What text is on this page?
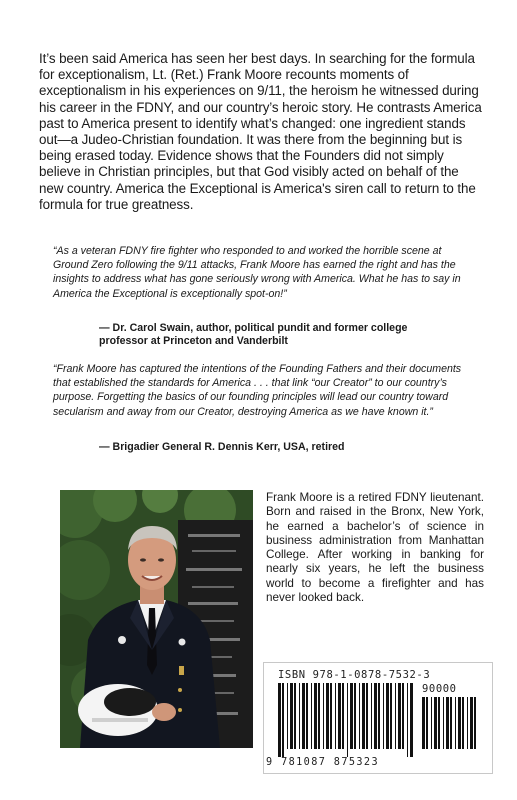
It’s been said America has seen her best days. In searching for the formula for exceptionalism, Lt. (Ret.) Frank Moore recounts moments of exceptionalism in his experiences on 9/11, the heroism he witnessed during his career in the FDNY, and our country’s heroic story. He contrasts America past to America present to identify what’s changed: one ingredient stands out—a Judeo-Christian foundation. It was there from the beginning but is being erased today. Evidence shows that the Founders did not simply believe in Christian principles, but that God visibly acted on behalf of the new country. America the Exceptional is America's siren call to return to the formula for true greatness.

“As a veteran FDNY fire fighter who responded to and worked the horrible scene at Ground Zero following the 9/11 attacks, Frank Moore has earned the right and has the insights to address what has gone seriously wrong with America. What he has to say in America the Exceptional is exceptionally spot-on!”
— Dr. Carol Swain, author, political pundit and former college professor at Princeton and Vanderbilt
“Frank Moore has captured the intentions of the Founding Fathers and their documents that established the standards for America . . . that link “our Creator” to our country’s purpose. Forgetting the basics of our founding principles will lead our country toward secularism and away from our Creator, destroying America as we have known it.”
— Brigadier General R. Dennis Kerr, USA, retired
Frank Moore is a retired FDNY lieutenant. Born and raised in the Bronx, New York, he earned a bachelor’s of science in business administration from Manhattan College. After working in banking for nearly six years, he left the business world to become a firefighter and has never looked back.
ISBN 978-1-0878-7532-3
90000
9 781087 875323
